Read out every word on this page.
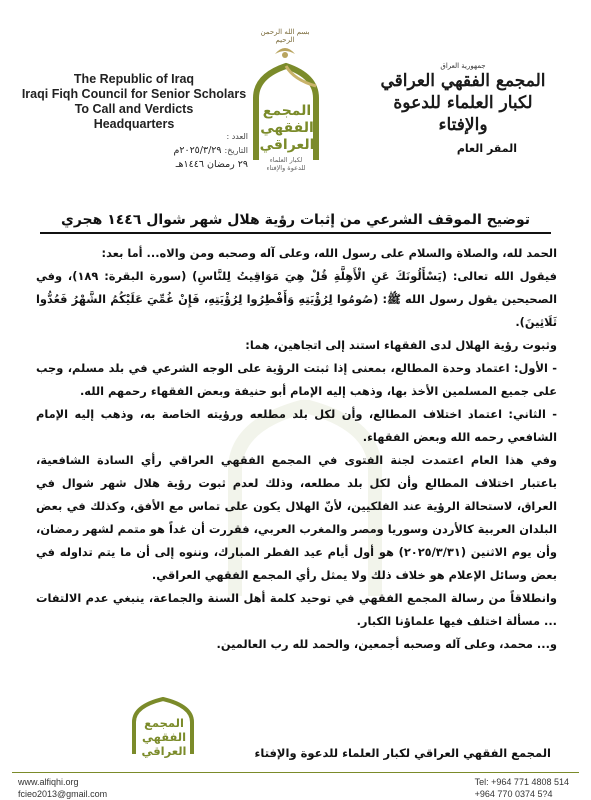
The Republic of Iraq
Iraqi Fiqh Council for Senior Scholars
To Call and Verdicts
Headquarters
بسم الله الرحمن الرحيم
المجمع
الفقهي
العراقي
لكبار العلماء
للدعوة والإفتاء
جمهورية العراق
المجمع الفقهي العراقي
لكبار العلماء للدعوة والإفتاء
المقر العام
العدد :
التاريخ: ٢٠٢٥/٣/٢٩م
٢٩ رمضان ١٤٤٦هـ
توضيح الموقف الشرعي من إثبات رؤية هلال شهر شوال ١٤٤٦ هجري

الحمد لله، والصلاة والسلام على رسول الله، وعلى آله وصحبه ومن والاه... أما بعد:

فيقول الله تعالى: (يَسْأَلُونَكَ عَنِ الْأَهِلَّةِ قُلْ هِيَ مَوَاقِيتُ لِلنَّاسِ) (سورة البقرة: ١٨٩)، وفي الصحيحين يقول رسول الله ﷺ: (صُومُوا لِرُؤْيَتِهِ وَأَفْطِرُوا لِرُؤْيَتِهِ، فَإِنْ غُمِّيَ عَلَيْكُمُ الشَّهْرُ فَعُدُّوا ثَلَاثِينَ).

وثبوت رؤية الهلال لدى الفقهاء استند إلى اتجاهين، هما:

- الأول: اعتماد وحدة المطالع، بمعنى إذا ثبتت الرؤية على الوجه الشرعي في بلد مسلم، وجب على جميع المسلمين الأخذ بها، وذهب إليه الإمام أبو حنيفة وبعض الفقهاء رحمهم الله.

- الثاني: اعتماد اختلاف المطالع، وأن لكل بلد مطلعه ورؤيته الخاصة به، وذهب إليه الإمام الشافعي رحمه الله وبعض الفقهاء.

وفي هذا العام اعتمدت لجنة الفتوى في المجمع الفقهي العراقي رأي السادة الشافعية، باعتبار اختلاف المطالع وأن لكل بلد مطلعه، وذلك لعدم ثبوت رؤية هلال شهر شوال في العراق، لاستحالة الرؤية عند الفلكيين، لأنّ الهلال يكون على تماس مع الأفق، وكذلك في بعض البلدان العربية كالأردن وسوريا ومصر والمغرب العربي، فقررت أن غداً هو متمم لشهر رمضان، وأن يوم الاثنين (٢٠٢٥/٣/٣١) هو أول أيام عيد الفطر المبارك، وننوه إلى أن ما يتم تداوله في بعض وسائل الإعلام هو خلاف ذلك ولا يمثل رأي المجمع الفقهي العراقي.

وانطلاقاً من رسالة المجمع الفقهي في توحيد كلمة أهل السنة والجماعة، ينبغي عدم الالتفات ... مسألة اختلف فيها علماؤنا الكبار.

و... محمد، وعلى آله وصحبه أجمعين، والحمد لله رب العالمين.

المجمع
الفقهي
العراقي	المجمع الفقهي العراقي لكبار العلماء للدعوة والإفتاء
www.alfiqhi.org
fcieo2013@gmail.com
Tel: +964 771 4808 514
+964 770 0374 5?4
